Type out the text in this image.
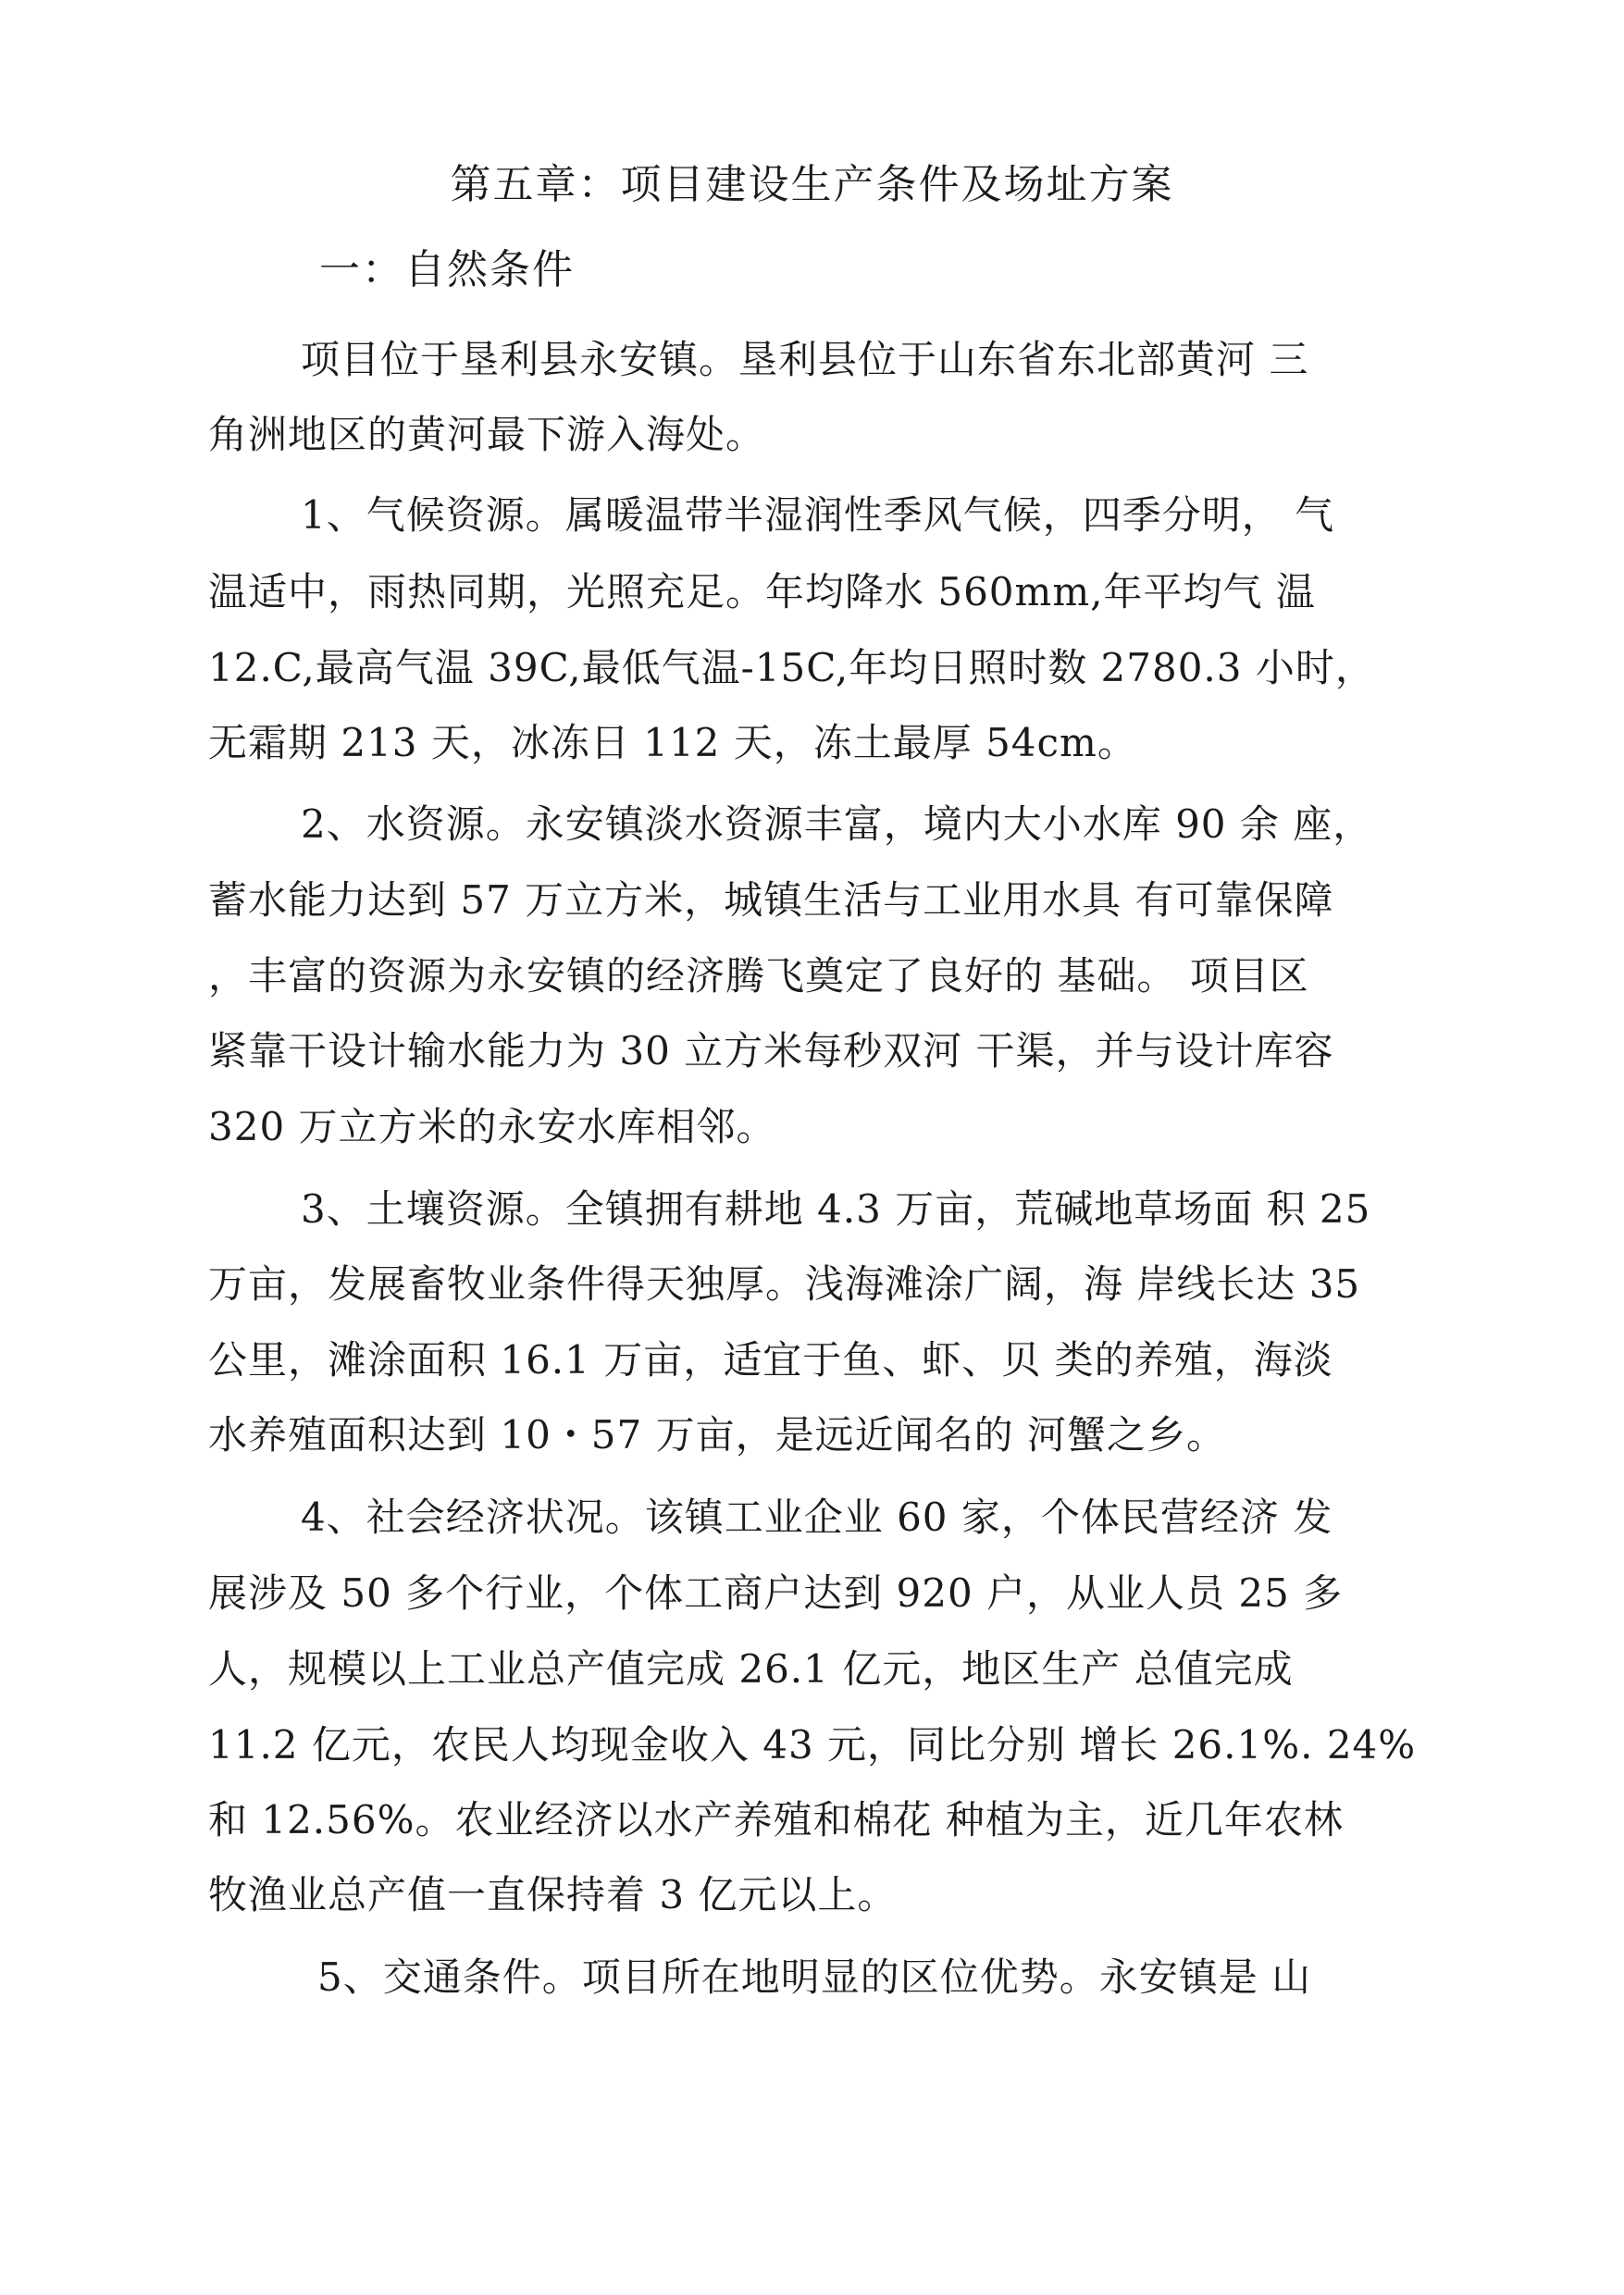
第五章：项目建设生产条件及场址方案
一：自然条件
项目位于垦利县永安镇。垦利县位于山东省东北部黄河 三
角洲地区的黄河最下游入海处。
1、气候资源。属暖温带半湿润性季风气候，四季分明， 气
温适中，雨热同期，光照充足。年均降水 560mm,年平均气 温
12.C,最高气温 39C,最低气温-15C,年均日照时数 2780.3 小时，
无霜期 213 天，冰冻日 112 天，冻土最厚 54cm。
2、水资源。永安镇淡水资源丰富，境内大小水库 90 余 座，
蓄水能力达到 57 万立方米，城镇生活与工业用水具 有可靠保障
，丰富的资源为永安镇的经济腾飞奠定了良好的 基础。 项目区
紧靠干设计输水能力为 30 立方米每秒双河 干渠，并与设计库容
320 万立方米的永安水库相邻。
3、土壤资源。全镇拥有耕地 4.3 万亩，荒碱地草场面 积 25
万亩，发展畜牧业条件得天独厚。浅海滩涂广阔，海 岸线长达 35
公里，滩涂面积 16.1 万亩，适宜于鱼、虾、贝 类的养殖，海淡
水养殖面积达到 10・57 万亩，是远近闻名的 河蟹之乡。
4、社会经济状况。该镇工业企业 60 家，个体民营经济 发
展涉及 50 多个行业，个体工商户达到 920 户，从业人员 25 多
人，规模以上工业总产值完成 26.1 亿元，地区生产 总值完成
11.2 亿元，农民人均现金收入 43 元，同比分别 增长 26.1%. 24%
和 12.56%。农业经济以水产养殖和棉花 种植为主，近几年农林
牧渔业总产值一直保持着 3 亿元以上。
5、交通条件。项目所在地明显的区位优势。永安镇是 山
